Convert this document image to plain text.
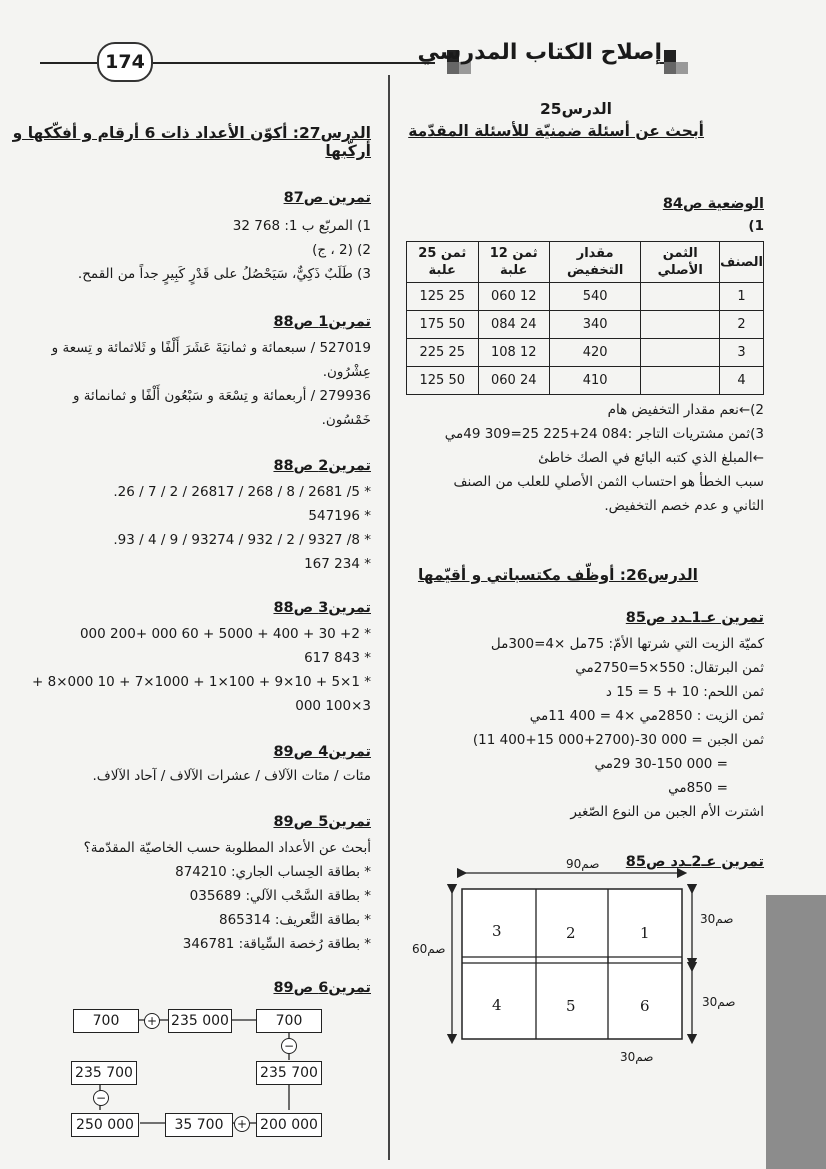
174	إصلاح الكتاب المدرسي
الدرس25
أبحث عن أسئلة ضمنيّة للأسئلة المقدّمة
الوضعية ص84
1)
الصنف	الثمن الأصلي	مقدار التخفيض	ثمن 12 علبة	ثمن 25 علبة
1		540	12 060	25 125
2		340	24 084	50 175
3		420	12 108	25 225
4		410	24 060	50 125
2)←نعم مقدار التخفيض هام
3)ثمن مشتريات التاجر :084 24+225 25=309 49مي
←المبلغ الذي كتبه البائع في الصك خاطئ
سبب الخطأ هو احتساب الثمن الأصلي للعلب من الصنف
الثاني و عدم خصم التخفيض.
الدرس26: أوظّف مكتسباتي و أقيّمها
تمرين عـ1ـدد ص85
كميّة الزيت التي شرتها الأمّ: 75مل ×4=300مل
ثمن البرتقال: 550×5=2750مي
ثمن اللحم: 10 + 5 = 15 د
ثمن الزيت : 2850مي ×4 = 400 11مي
ثمن الجبن = 000 30-(2700+000 15+400 11)
= 000 30-150 29مي
= 850مي
اشترت الأم الجبن من النوع الصّغير
تمرين عـ2ـدد ص85
3	2	1
4	5	6
90صم
30صم
60صم
30صم
30صم
الدرس27: أكوّن الأعداد ذات 6 أرقام و أفكّكها و أركّبها
تمرين ص87
1) المربّع ب 1: 768 32
2) (2 ، ج)
3) طَلَبٌ ذَكِيٌّ، سَيَحْصُلُ على قَدْرٍ كَبِيرٍ جداً من القمح.
تمرين1 ص88
527019 / سبعمائة و ثمانيَةَ عَشَرَ أَلْفًا و ثَلاثمائة و تِسعة و
عِشْرُون.
279936 / أربعمائة و تِسْعَة و سَبْعُون أَلْفًا و ثمانمائة و
خَمْسُون.
تمرين2 ص88
* 5/ 2681 / 8 / 268 / 26817 / 2 / 7 / 26.
* 547196
* 8/ 9327 / 2 / 932 / 93274 / 9 / 4 / 93.
* 234 167
تمرين3 ص88
* 2+ 30 + 400 + 5000 + 60 000 +200 000
* 843 617
* 1×5 + 10×9 + 100×1 + 1000×7 + 10 000×8 +
3×100 000
تمرين4 ص89
مئات / مئات الآلاف / عشرات الآلاف / آحاد الآلاف.
تمرين5 ص89
أبحث عن الأعداد المطلوبة حسب الخاصيّة المقدّمة؟
* بطاقة الحِساب الجاري: 874210
* بطاقة السَّحْب الآلي: 035689
* بطاقة التَّعريف: 865314
* بطاقة رُخصة السِّياقة: 346781
تمرين6 ص89
700	+ 235 000	700
−
235 700	235 700
−
250 000	35 700	+ 200 000
